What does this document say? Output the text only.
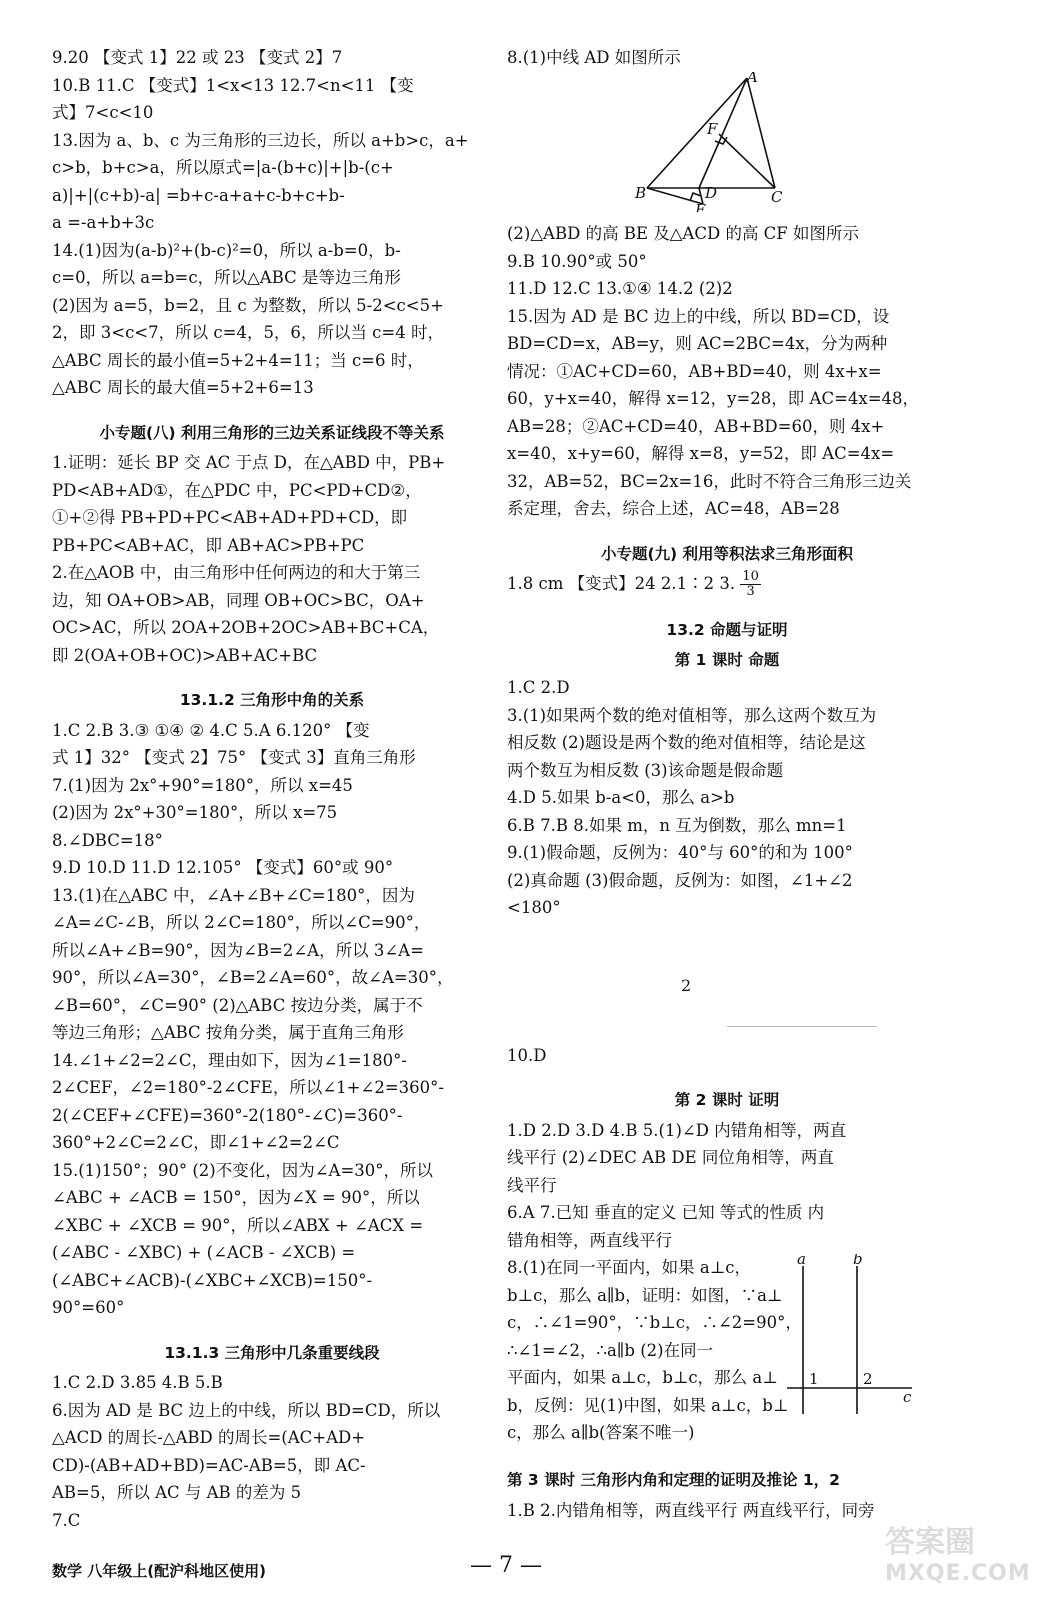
9.20 【变式 1】22 或 23 【变式 2】7
10.B 11.C 【变式】1<x<13 12.7<n<11 【变
式】7<c<10
13.因为 a、b、c 为三角形的三边长，所以 a+b>c，a+
c>b，b+c>a，所以原式=|a-(b+c)|+|b-(c+
a)|+|(c+b)-a| =b+c-a+a+c-b+c+b-
a =-a+b+3c
14.(1)因为(a-b)²+(b-c)²=0，所以 a-b=0，b-
c=0，所以 a=b=c，所以△ABC 是等边三角形
(2)因为 a=5，b=2，且 c 为整数，所以 5-2<c<5+
2，即 3<c<7，所以 c=4，5，6，所以当 c=4 时，
△ABC 周长的最小值=5+2+4=11；当 c=6 时，
△ABC 周长的最大值=5+2+6=13
小专题(八) 利用三角形的三边关系证线段不等关系
1.证明：延长 BP 交 AC 于点 D，在△ABD 中，PB+
PD<AB+AD①，在△PDC 中，PC<PD+CD②，
①+②得 PB+PD+PC<AB+AD+PD+CD，即
PB+PC<AB+AC，即 AB+AC>PB+PC
2.在△AOB 中，由三角形中任何两边的和大于第三
边，知 OA+OB>AB，同理 OB+OC>BC，OA+
OC>AC，所以 2OA+2OB+2OC>AB+BC+CA，
即 2(OA+OB+OC)>AB+AC+BC
13.1.2 三角形中角的关系
1.C 2.B 3.③ ①④ ② 4.C 5.A 6.120° 【变
式 1】32° 【变式 2】75° 【变式 3】直角三角形
7.(1)因为 2x°+90°=180°，所以 x=45
(2)因为 2x°+30°=180°，所以 x=75
8.∠DBC=18°
9.D 10.D 11.D 12.105° 【变式】60°或 90°
13.(1)在△ABC 中，∠A+∠B+∠C=180°，因为
∠A=∠C-∠B，所以 2∠C=180°，所以∠C=90°，
所以∠A+∠B=90°，因为∠B=2∠A，所以 3∠A=
90°，所以∠A=30°，∠B=2∠A=60°，故∠A=30°，
∠B=60°，∠C=90° (2)△ABC 按边分类，属于不
等边三角形；△ABC 按角分类，属于直角三角形
14.∠1+∠2=2∠C，理由如下，因为∠1=180°-
2∠CEF，∠2=180°-2∠CFE，所以∠1+∠2=360°-
2(∠CEF+∠CFE)=360°-2(180°-∠C)=360°-
360°+2∠C=2∠C，即∠1+∠2=2∠C
15.(1)150°；90° (2)不变化，因为∠A=30°，所以
∠ABC + ∠ACB = 150°，因为∠X = 90°，所以
∠XBC + ∠XCB = 90°，所以∠ABX + ∠ACX =
(∠ABC - ∠XBC) + (∠ACB - ∠XCB) =
(∠ABC+∠ACB)-(∠XBC+∠XCB)=150°-
90°=60°
13.1.3 三角形中几条重要线段
1.C 2.D 3.85 4.B 5.B
6.因为 AD 是 BC 边上的中线，所以 BD=CD，所以
△ACD 的周长-△ABD 的周长=(AC+AD+
CD)-(AB+AD+BD)=AC-AB=5，即 AC-
AB=5，所以 AC 与 AB 的差为 5
7.C
8.(1)中线 AD 如图所示
A
F
B	D
E
C
(2)△ABD 的高 BE 及△ACD 的高 CF 如图所示
9.B 10.90°或 50°
11.D 12.C 13.①④ 14.2 (2)2
15.因为 AD 是 BC 边上的中线，所以 BD=CD，设
BD=CD=x，AB=y，则 AC=2BC=4x，分为两种
情况：①AC+CD=60，AB+BD=40，则 4x+x=
60，y+x=40，解得 x=12，y=28，即 AC=4x=48，
AB=28；②AC+CD=40，AB+BD=60，则 4x+
x=40，x+y=60，解得 x=8，y=52，即 AC=4x=
32，AB=52，BC=2x=16，此时不符合三角形三边关
系定理，舍去，综合上述，AC=48，AB=28
小专题(九) 利用等积法求三角形面积
1.8 cm 【变式】24 2.1∶2 3. $\frac{10}{3}$
13.2 命题与证明
第 1 课时 命题
1.C 2.D
3.(1)如果两个数的绝对值相等，那么这两个数互为
相反数 (2)题设是两个数的绝对值相等，结论是这
两个数互为相反数 (3)该命题是假命题
4.D 5.如果 b-a<0，那么 a>b
6.B 7.B 8.如果 m，n 互为倒数，那么 mn=1
9.(1)假命题，反例为：40°与 60°的和为 100°
(2)真命题 (3)假命题，反例为：如图，∠1+∠2
<180°
2
10.D
第 2 课时 证明
1.D 2.D 3.D 4.B 5.(1)∠D 内错角相等，两直
线平行 (2)∠DEC AB DE 同位角相等，两直
线平行
6.A 7.已知 垂直的定义 已知 等式的性质 内
错角相等，两直线平行
8.(1)在同一平面内，如果 a⊥c，
b⊥c，那么 a∥b，证明：如图，∵a⊥
c，∴∠1=90°，∵b⊥c，∴∠2=90°，
∴∠1=∠2，∴a∥b (2)在同一
平面内，如果 a⊥c，b⊥c，那么 a⊥
b，反例：见(1)中图，如果 a⊥c，b⊥
c，那么 a∥b(答案不唯一)
a	b
1	2
c
第 3 课时 三角形内角和定理的证明及推论 1，2
1.B 2.内错角相等，两直线平行 两直线平行，同旁
数学 八年级上(配沪科地区使用)	— 7 —
答案圈
MXQE.COM
